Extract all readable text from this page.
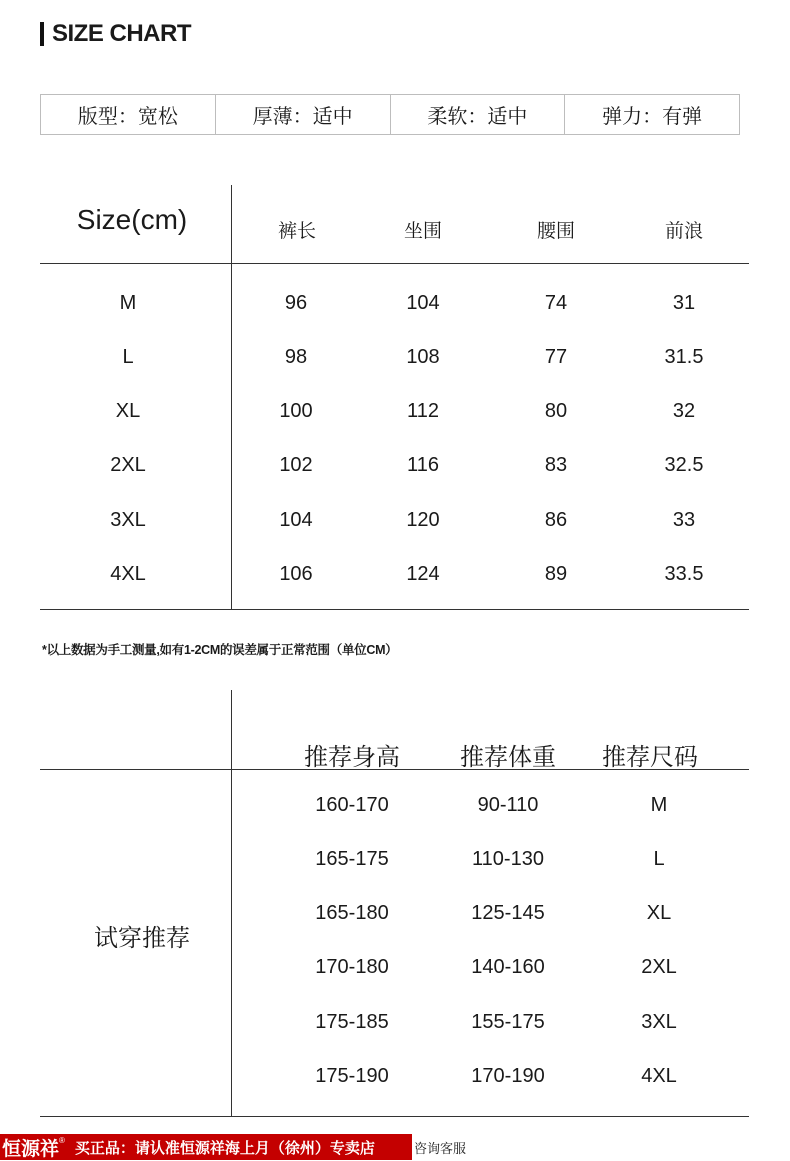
SIZE CHART
版型：宽松	厚薄：适中	柔软：适中	弹力：有弹
Size(cm)	裤长	坐围	腰围	前浪
M	96	104	74	31
L	98	108	77	31.5
XL	100	112	80	32
2XL	102	116	83	32.5
3XL	104	120	86	33
4XL	106	124	89	33.5
*以上数据为手工测量,如有1-2CM的误差属于正常范围（单位CM）
推荐身高	推荐体重 推荐尺码
试穿推荐
160-170	90-110	M
165-175	110-130	L
165-180	125-145	XL
170-180	140-160	2XL
175-185	155-175	3XL
175-190	170-190	4XL
恒源祥 ® 买正品：请认准恒源祥海上月（徐州）专卖店	咨询客服
